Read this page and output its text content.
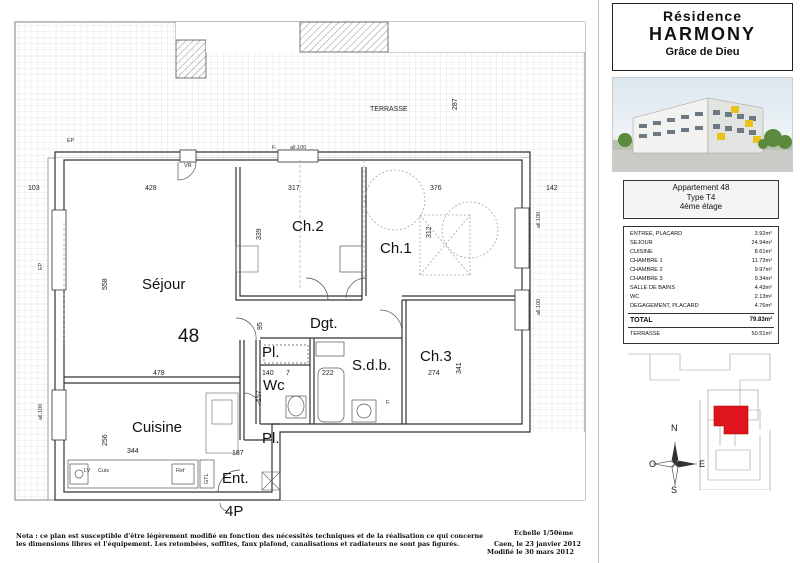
Séjour
48
Cuisine
Ch.2
Ch.1
Ch.3
Dgt.
S.d.b.
Wc
Pl.
Pl.
Ent.
4P
TERRASSE
103	428	317	376	142
287
339	312
558
478
256
344	187
95
140 7	222	274 341
157
all.100
F.
VR
all.100
all.100
all.100
EP
EP
F.
LV Cuis	Ref
GTL
Nota : ce plan est susceptible d'être légèrement modifié en fonction des nécessités techniques et de la réalisation ce qui concerne
les dimensions libres et l'équipement. Les retombées, soffites, faux plafond, canalisations et radiateurs ne sont pas figurés.
Echelle 1/50ème
Caen, le 23 janvier 2012
Modifié le 30 mars 2012
Résidence
HARMONY
Grâce de Dieu
Appartement 48
Type T4
4éme étage
ENTREE, PLACARD	3.92m²
SEJOUR	24.94m²
CUISINE	8.61m²
CHAMBRE 1	11.73m²
CHAMBRE 2	9.97m²
CHAMBRE 3	9.34m²
SALLE DE BAINS	4.43m²
WC	2.13m²
DEGAGEMENT, PLACARD	4.76m²
TOTAL	79.83m²
TERRASSE	50.51m²
N
S
O	E
